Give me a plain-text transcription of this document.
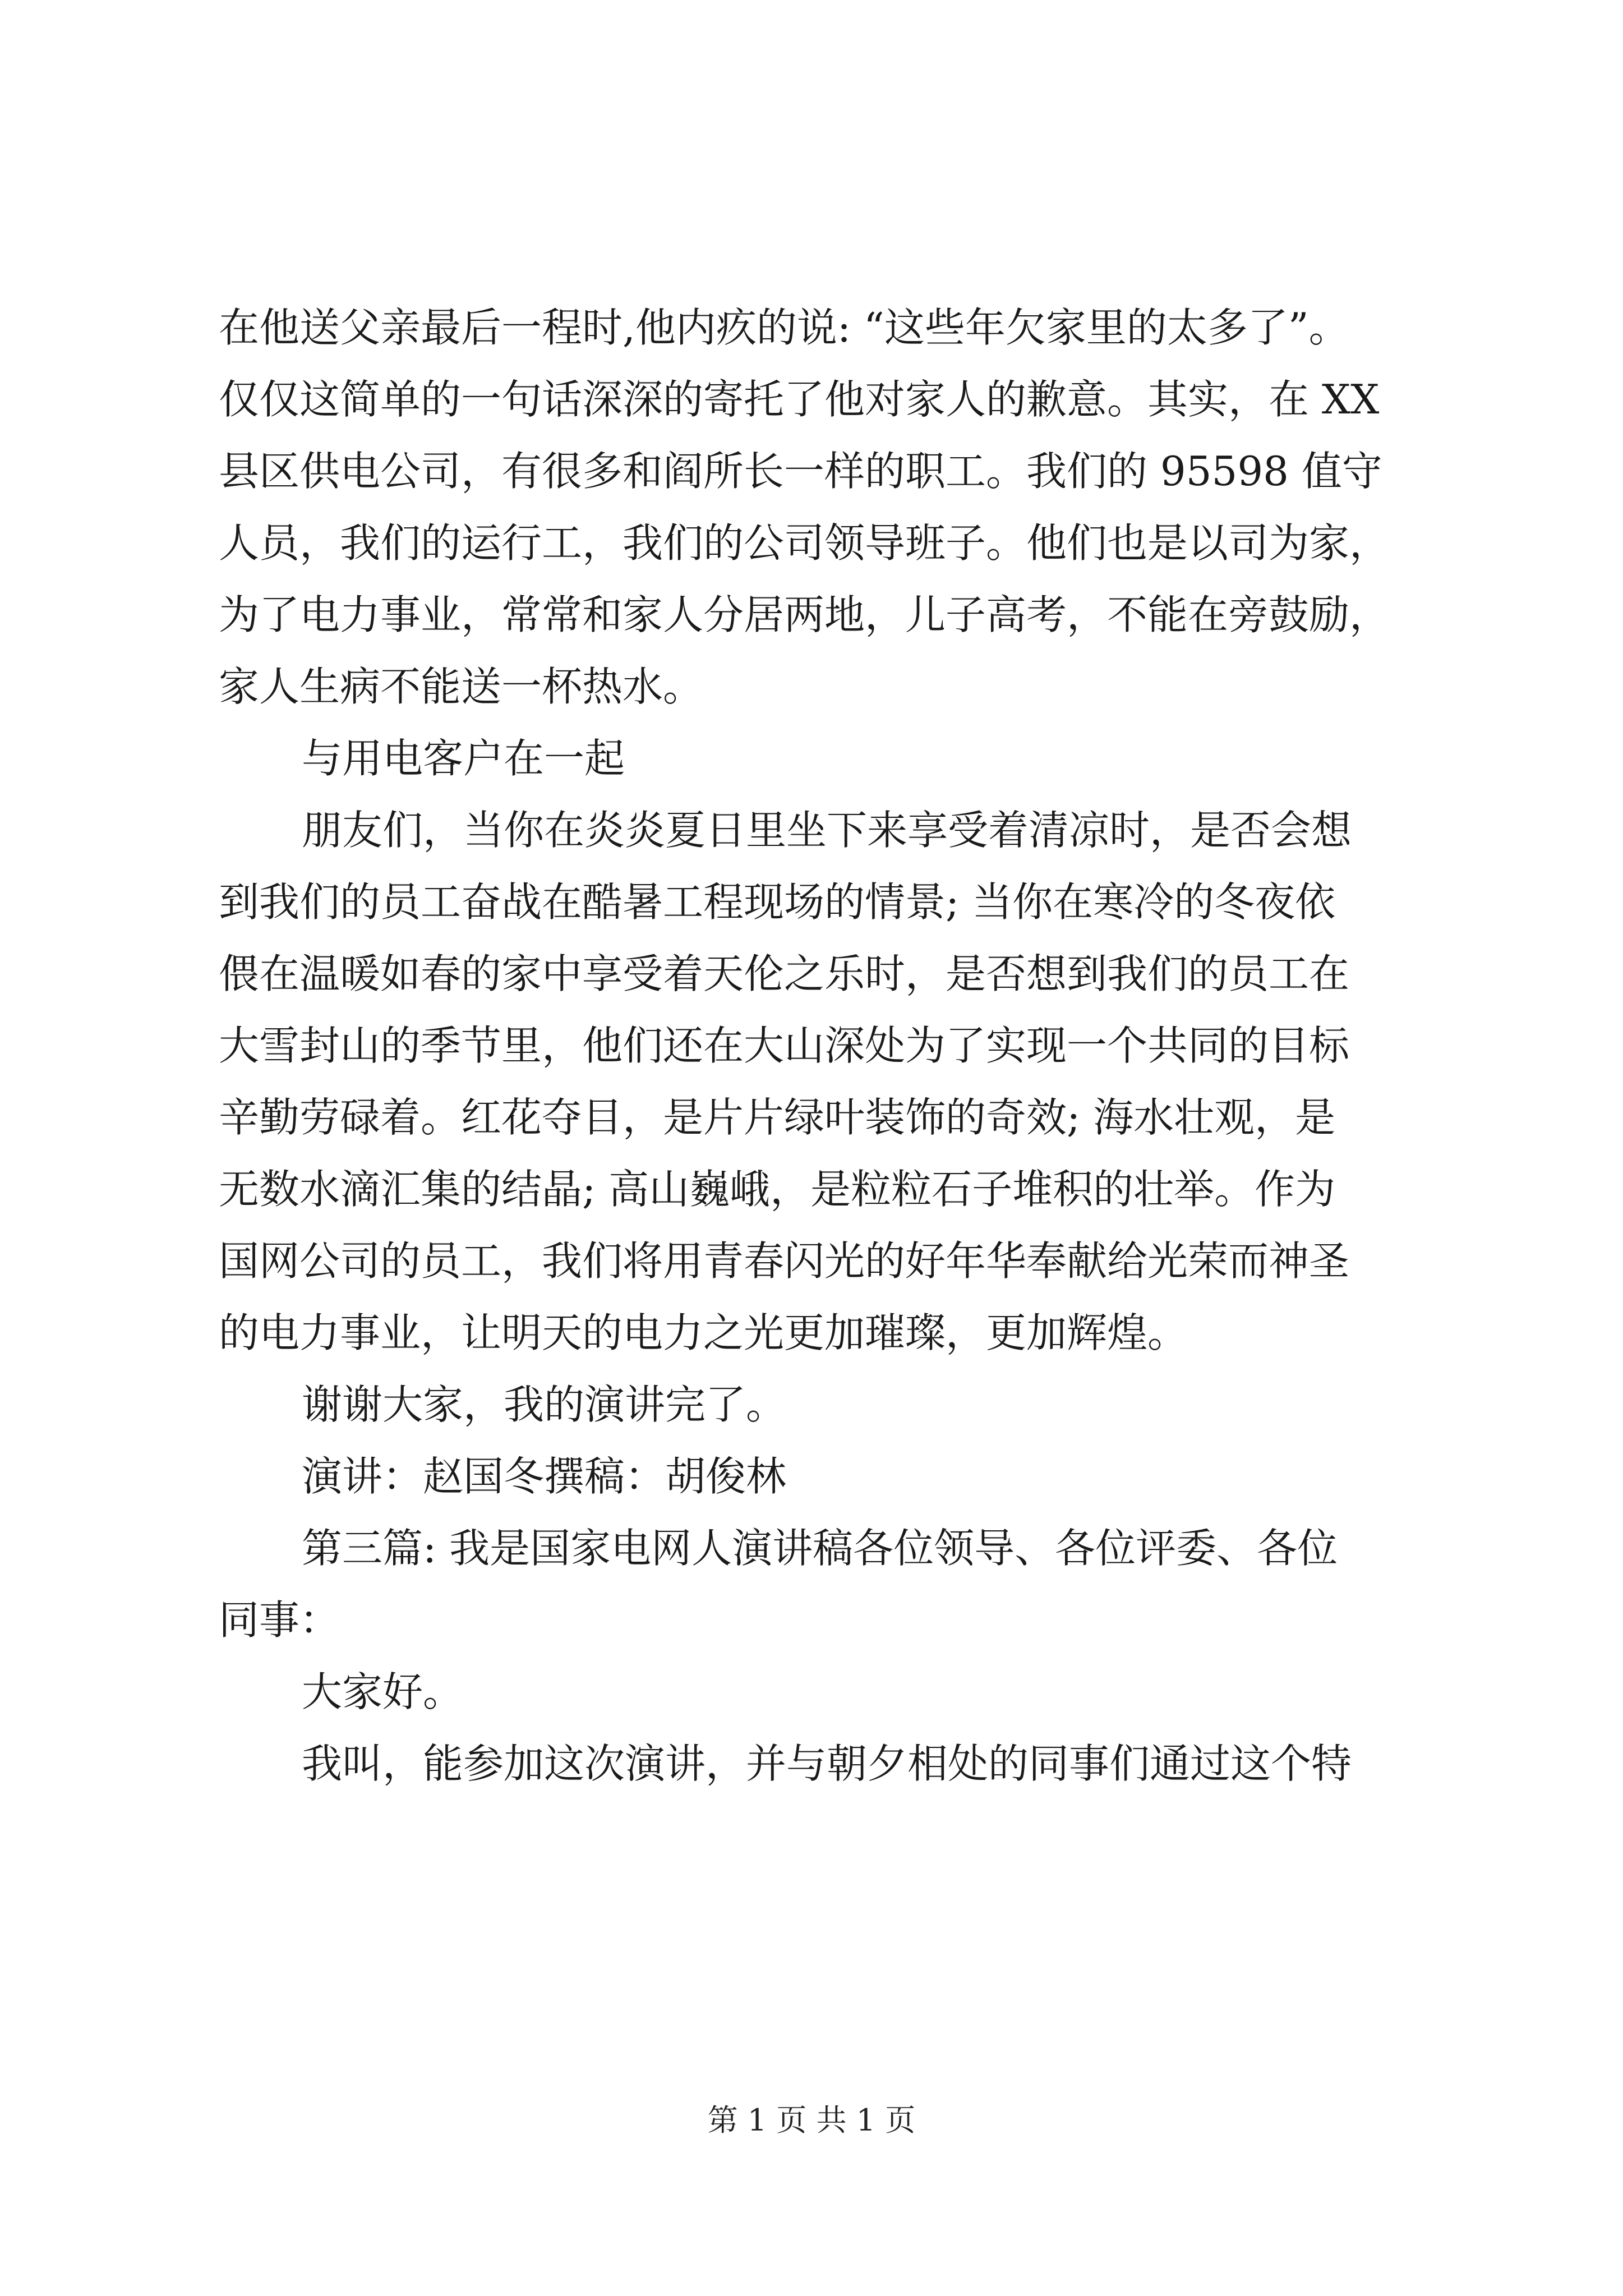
在他送父亲最后一程时,他内疚的说: “这些年欠家里的太多了”。
仅仅这简单的一句话深深的寄托了他对家人的歉意。其实，在 XX
县区供电公司，有很多和阎所长一样的职工。我们的 95598 值守
人员，我们的运行工，我们的公司领导班子。他们也是以司为家，
为了电力事业，常常和家人分居两地，儿子高考，不能在旁鼓励，
家人生病不能送一杯热水。
与用电客户在一起
朋友们，当你在炎炎夏日里坐下来享受着清凉时，是否会想
到我们的员工奋战在酷暑工程现场的情景; 当你在寒冷的冬夜依
偎在温暖如春的家中享受着天伦之乐时，是否想到我们的员工在
大雪封山的季节里，他们还在大山深处为了实现一个共同的目标
辛勤劳碌着。红花夺目，是片片绿叶装饰的奇效; 海水壮观，是
无数水滴汇集的结晶; 高山巍峨，是粒粒石子堆积的壮举。作为
国网公司的员工，我们将用青春闪光的好年华奉献给光荣而神圣
的电力事业，让明天的电力之光更加璀璨，更加辉煌。
谢谢大家，我的演讲完了。
演讲：赵国冬撰稿：胡俊林
第三篇: 我是国家电网人演讲稿各位领导、各位评委、各位
同事：
大家好。
我叫，能参加这次演讲，并与朝夕相处的同事们通过这个特
第 1 页 共 1 页
